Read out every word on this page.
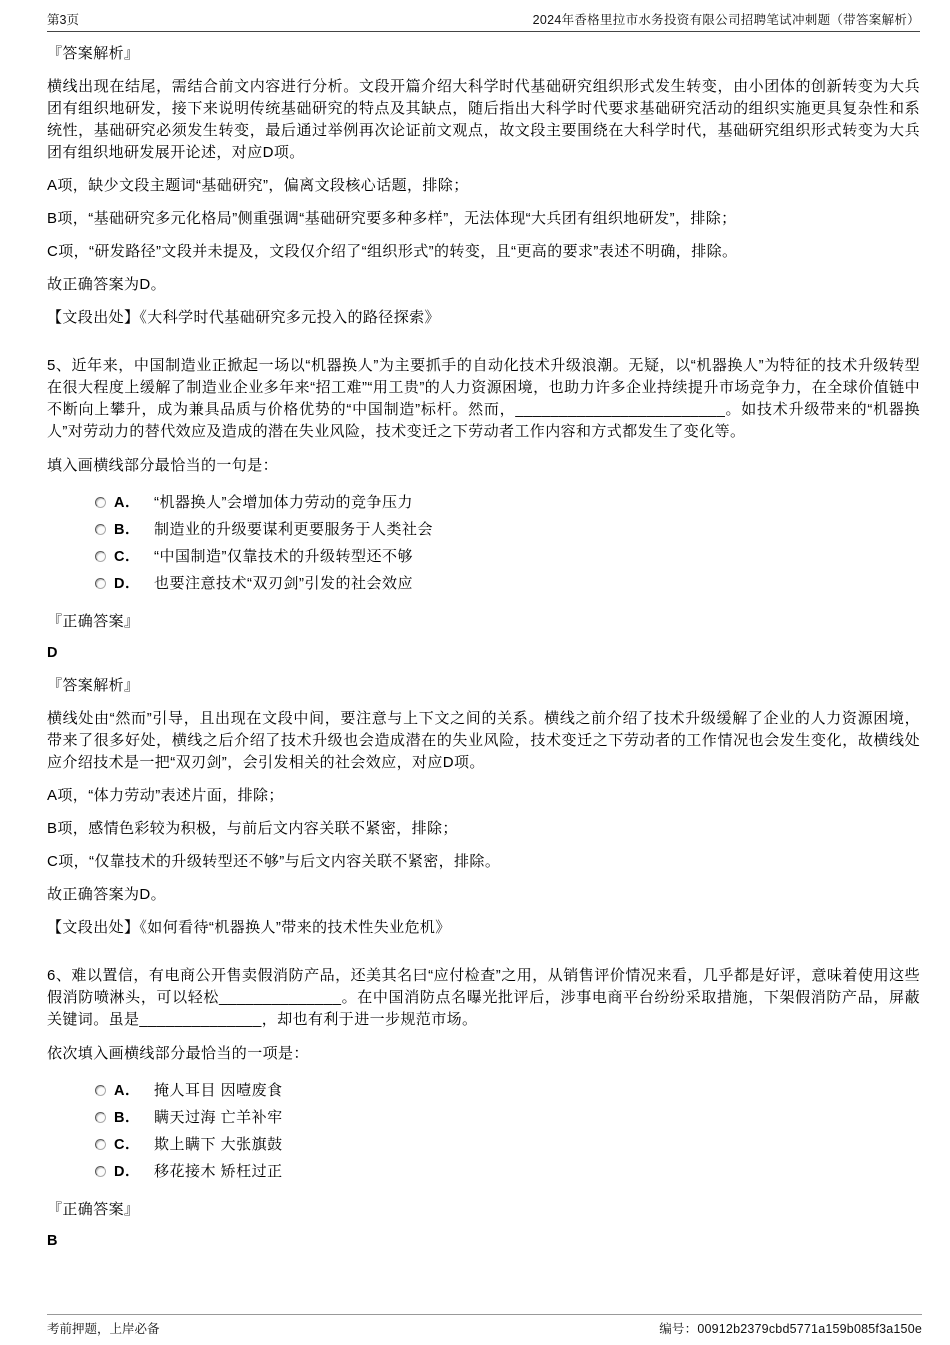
第3页	2024年香格里拉市水务投资有限公司招聘笔试冲刺题（带答案解析）

『答案解析』

横线出现在结尾，需结合前文内容进行分析。文段开篇介绍大科学时代基础研究组织形式发生转变，由小团体的创新转变为大兵团有组织地研发，接下来说明传统基础研究的特点及其缺点，随后指出大科学时代要求基础研究活动的组织实施更具复杂性和系统性，基础研究必须发生转变，最后通过举例再次论证前文观点，故文段主要围绕在大科学时代，基础研究组织形式转变为大兵团有组织地研发展开论述，对应D项。

A项，缺少文段主题词“基础研究”，偏离文段核心话题，排除；

B项，“基础研究多元化格局”侧重强调“基础研究要多种多样”，无法体现“大兵团有组织地研发”，排除；

C项，“研发路径”文段并未提及，文段仅介绍了“组织形式”的转变，且“更高的要求”表述不明确，排除。

故正确答案为D。

【文段出处】《大科学时代基础研究多元投入的路径探索》

5、近年来，中国制造业正掀起一场以“机器换人”为主要抓手的自动化技术升级浪潮。无疑，以“机器换人”为特征的技术升级转型在很大程度上缓解了制造业企业多年来“招工难”“用工贵”的人力资源困境，也助力许多企业持续提升市场竞争力，在全球价值链中不断向上攀升，成为兼具品质与价格优势的“中国制造”标杆。然而，________________________。如技术升级带来的“机器换人”对劳动力的替代效应及造成的潜在失业风险，技术变迁之下劳动者工作内容和方式都发生了变化等。

填入画横线部分最恰当的一句是：

A． “机器换人”会增加体力劳动的竞争压力
B． 制造业的升级要谋利更要服务于人类社会
C． “中国制造”仅靠技术的升级转型还不够
D． 也要注意技术“双刃剑”引发的社会效应

『正确答案』

D

『答案解析』

横线处由“然而”引导，且出现在文段中间，要注意与上下文之间的关系。横线之前介绍了技术升级缓解了企业的人力资源困境，带来了很多好处，横线之后介绍了技术升级也会造成潜在的失业风险，技术变迁之下劳动者的工作情况也会发生变化，故横线处应介绍技术是一把“双刃剑”，会引发相关的社会效应，对应D项。

A项，“体力劳动”表述片面，排除；

B项，感情色彩较为积极，与前后文内容关联不紧密，排除；

C项，“仅靠技术的升级转型还不够”与后文内容关联不紧密，排除。

故正确答案为D。

【文段出处】《如何看待“机器换人”带来的技术性失业危机》

6、难以置信，有电商公开售卖假消防产品，还美其名曰“应付检查”之用，从销售评价情况来看，几乎都是好评，意味着使用这些假消防喷淋头，可以轻松______________。在中国消防点名曝光批评后，涉事电商平台纷纷采取措施，下架假消防产品，屏蔽关键词。虽是______________，却也有利于进一步规范市场。

依次填入画横线部分最恰当的一项是：

A． 掩人耳目 因噎废食
B． 瞒天过海 亡羊补牢
C． 欺上瞒下 大张旗鼓
D． 移花接木 矫枉过正

『正确答案』

B

考前押题，上岸必备	编号：00912b2379cbd5771a159b085f3a150e
